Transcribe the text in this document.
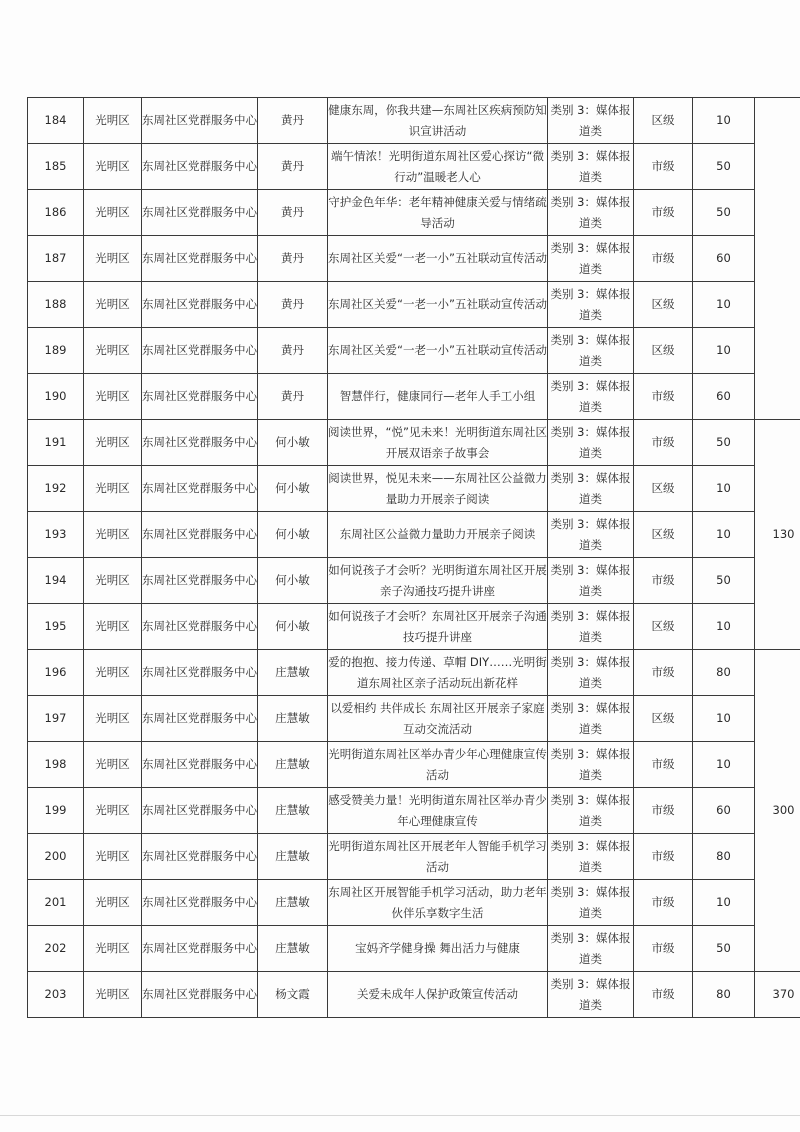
184	光明区	东周社区党群服务中心	黄丹	健康东周，你我共建—东周社区疾病预防知识宣讲活动	类别 3：媒体报道类	区级	10	
185	光明区	东周社区党群服务中心	黄丹	端午情浓！光明街道东周社区爱心探访“微行动”温暖老人心	类别 3：媒体报道类	市级	50	
186	光明区	东周社区党群服务中心	黄丹	守护金色年华：老年精神健康关爱与情绪疏导活动	类别 3：媒体报道类	市级	50	
187	光明区	东周社区党群服务中心	黄丹	东周社区关爱“一老一小”五社联动宣传活动	类别 3：媒体报道类	市级	60	
188	光明区	东周社区党群服务中心	黄丹	东周社区关爱“一老一小”五社联动宣传活动	类别 3：媒体报道类	区级	10	
189	光明区	东周社区党群服务中心	黄丹	东周社区关爱“一老一小”五社联动宣传活动	类别 3：媒体报道类	区级	10	
190	光明区	东周社区党群服务中心	黄丹	智慧伴行，健康同行—老年人手工小组	类别 3：媒体报道类	市级	60	
191	光明区	东周社区党群服务中心	何小敏	阅读世界，“悦”见未来！光明街道东周社区开展双语亲子故事会	类别 3：媒体报道类	市级	50	130
192	光明区	东周社区党群服务中心	何小敏	阅读世界，悦见未来——东周社区公益微力量助力开展亲子阅读	类别 3：媒体报道类	区级	10	
193	光明区	东周社区党群服务中心	何小敏	东周社区公益微力量助力开展亲子阅读	类别 3：媒体报道类	区级	10	
194	光明区	东周社区党群服务中心	何小敏	如何说孩子才会听？光明街道东周社区开展亲子沟通技巧提升讲座	类别 3：媒体报道类	市级	50	
195	光明区	东周社区党群服务中心	何小敏	如何说孩子才会听？东周社区开展亲子沟通技巧提升讲座	类别 3：媒体报道类	区级	10	
196	光明区	东周社区党群服务中心	庄慧敏	爱的抱抱、接力传递、草帽 DIY……光明街道东周社区亲子活动玩出新花样	类别 3：媒体报道类	市级	80	300
197	光明区	东周社区党群服务中心	庄慧敏	以爱相约 共伴成长 东周社区开展亲子家庭互动交流活动	类别 3：媒体报道类	区级	10	
198	光明区	东周社区党群服务中心	庄慧敏	光明街道东周社区举办青少年心理健康宣传活动	类别 3：媒体报道类	市级	10	
199	光明区	东周社区党群服务中心	庄慧敏	感受赞美力量！光明街道东周社区举办青少年心理健康宣传	类别 3：媒体报道类	市级	60	
200	光明区	东周社区党群服务中心	庄慧敏	光明街道东周社区开展老年人智能手机学习活动	类别 3：媒体报道类	市级	80	
201	光明区	东周社区党群服务中心	庄慧敏	东周社区开展智能手机学习活动，助力老年伙伴乐享数字生活	类别 3：媒体报道类	市级	10	
202	光明区	东周社区党群服务中心	庄慧敏	宝妈齐学健身操 舞出活力与健康	类别 3：媒体报道类	市级	50	
203	光明区	东周社区党群服务中心	杨文霞	关爱未成年人保护政策宣传活动	类别 3：媒体报道类	市级	80	370
